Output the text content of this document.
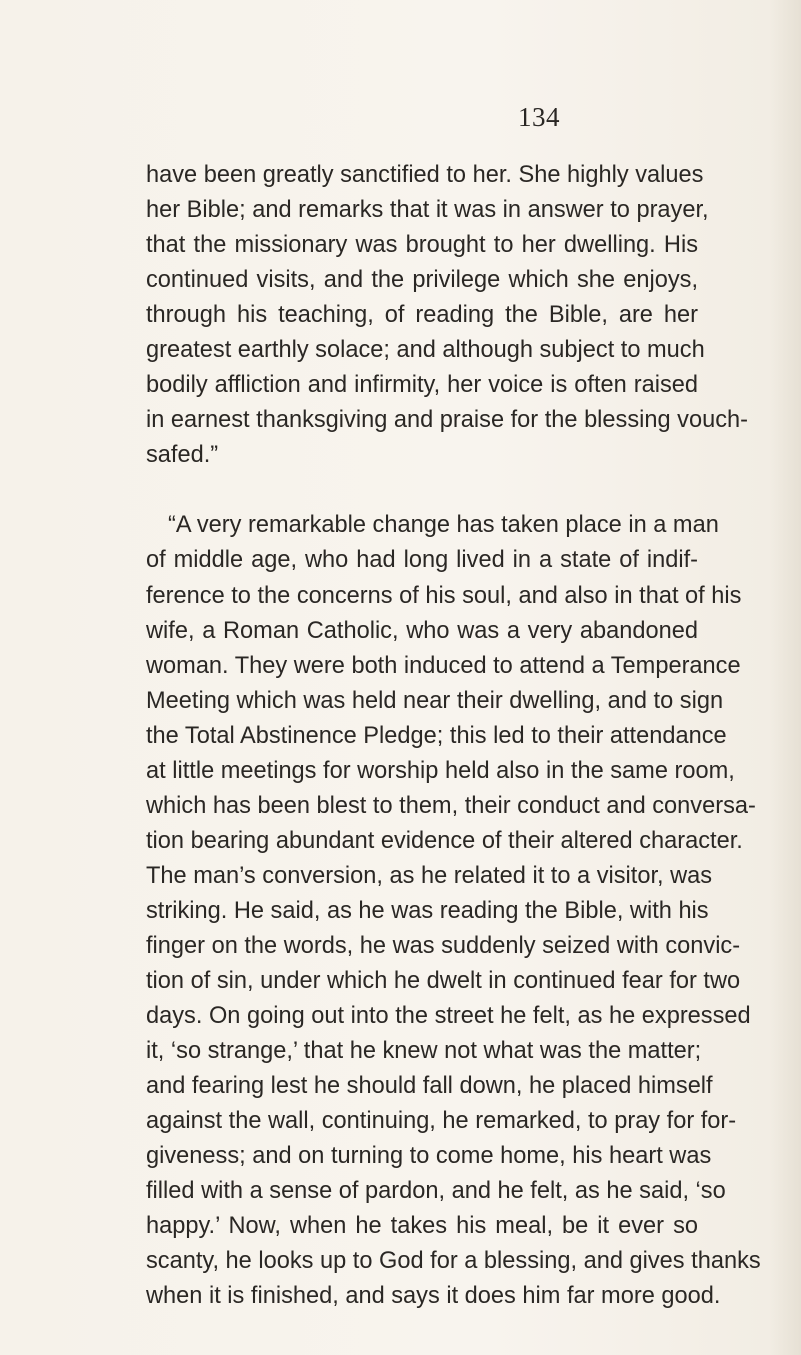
134

have been greatly sanctified to her. She highly values
her Bible; and remarks that it was in answer to prayer,
that the missionary was brought to her dwelling. His
continued visits, and the privilege which she enjoys,
through his teaching, of reading the Bible, are her
greatest earthly solace; and although subject to much
bodily affliction and infirmity, her voice is often raised
in earnest thanksgiving and praise for the blessing vouch-
safed.”

“A very remarkable change has taken place in a man
of middle age, who had long lived in a state of indif-
ference to the concerns of his soul, and also in that of his
wife, a Roman Catholic, who was a very abandoned
woman. They were both induced to attend a Temperance
Meeting which was held near their dwelling, and to sign
the Total Abstinence Pledge; this led to their attendance
at little meetings for worship held also in the same room,
which has been blest to them, their conduct and conversa-
tion bearing abundant evidence of their altered character.
The man’s conversion, as he related it to a visitor, was
striking. He said, as he was reading the Bible, with his
finger on the words, he was suddenly seized with convic-
tion of sin, under which he dwelt in continued fear for two
days. On going out into the street he felt, as he expressed
it, ‘so strange,’ that he knew not what was the matter;
and fearing lest he should fall down, he placed himself
against the wall, continuing, he remarked, to pray for for-
giveness; and on turning to come home, his heart was
filled with a sense of pardon, and he felt, as he said, ‘so
happy.’ Now, when he takes his meal, be it ever so
scanty, he looks up to God for a blessing, and gives thanks
when it is finished, and says it does him far more good.
